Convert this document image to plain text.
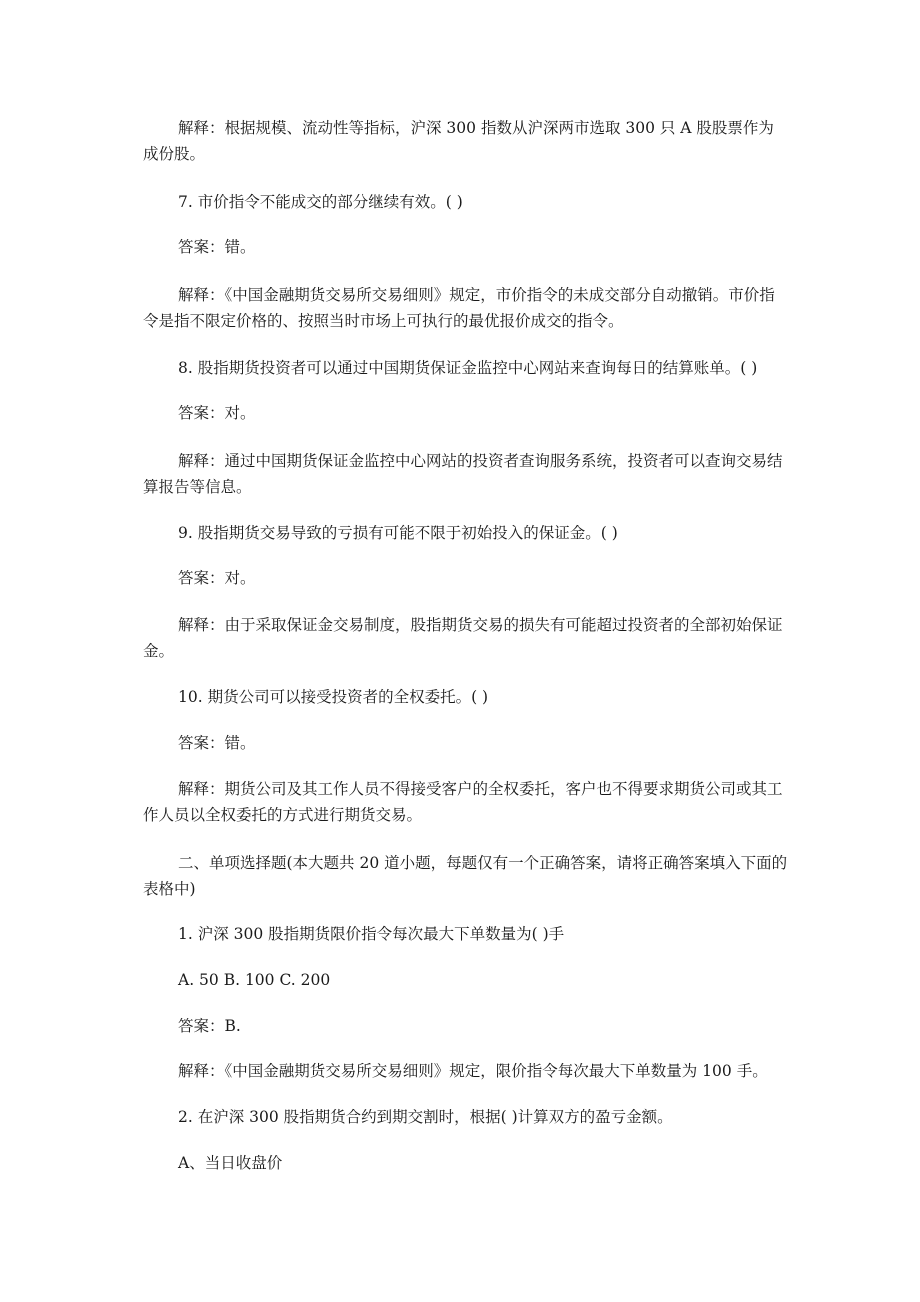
解释：根据规模、流动性等指标，沪深 300 指数从沪深两市选取 300 只 A 股股票作为成份股。

7. 市价指令不能成交的部分继续有效。( )

答案：错。

解释：《中国金融期货交易所交易细则》规定，市价指令的未成交部分自动撤销。市价指令是指不限定价格的、按照当时市场上可执行的最优报价成交的指令。

8. 股指期货投资者可以通过中国期货保证金监控中心网站来查询每日的结算账单。( )

答案：对。

解释：通过中国期货保证金监控中心网站的投资者查询服务系统，投资者可以查询交易结算报告等信息。

9. 股指期货交易导致的亏损有可能不限于初始投入的保证金。( )

答案：对。

解释：由于采取保证金交易制度，股指期货交易的损失有可能超过投资者的全部初始保证金。

10. 期货公司可以接受投资者的全权委托。( )

答案：错。

解释：期货公司及其工作人员不得接受客户的全权委托，客户也不得要求期货公司或其工作人员以全权委托的方式进行期货交易。

二、单项选择题(本大题共 20 道小题，每题仅有一个正确答案，请将正确答案填入下面的表格中)

1. 沪深 300 股指期货限价指令每次最大下单数量为( )手

A. 50 B. 100 C. 200

答案：B.

解释：《中国金融期货交易所交易细则》规定，限价指令每次最大下单数量为 100 手。

2. 在沪深 300 股指期货合约到期交割时，根据( )计算双方的盈亏金额。

A、当日收盘价
